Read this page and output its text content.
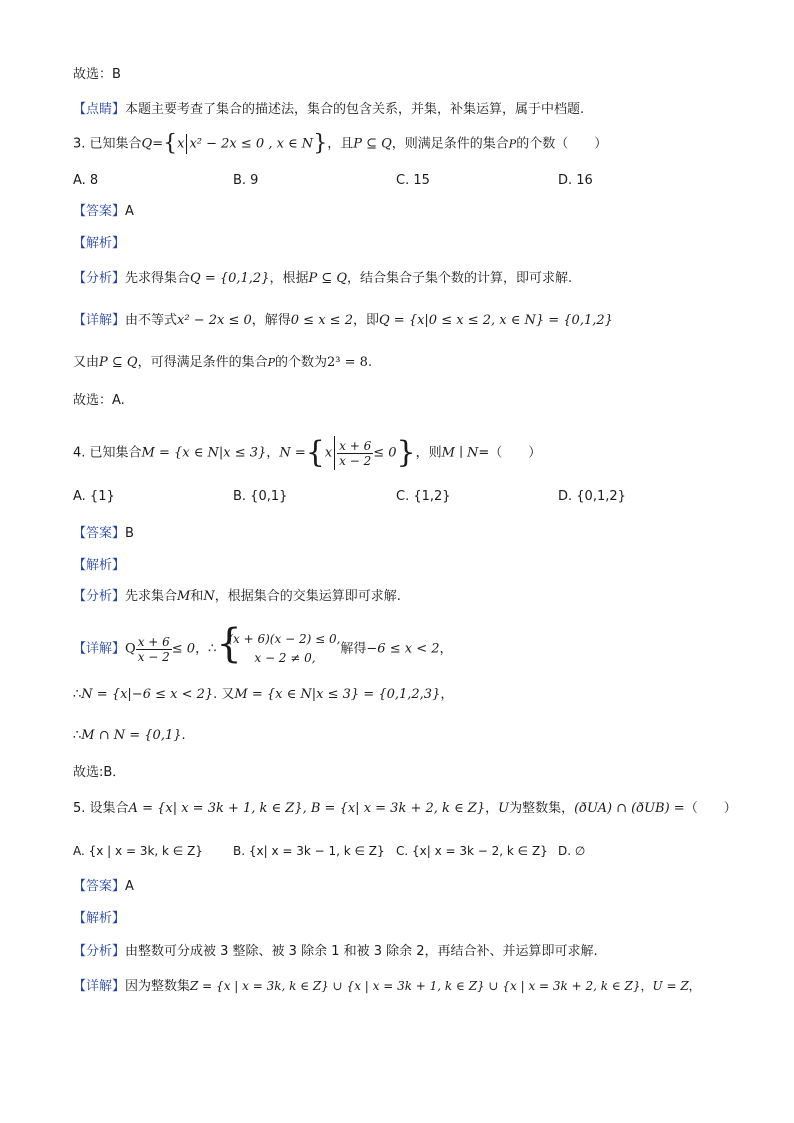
故选：B
【点睛】本题主要考查了集合的描述法，集合的包含关系，并集，补集运算，属于中档题.
3. 已知集合Q={x x² − 2x ≤ 0 , x ∈ N}，且P ⊆ Q，则满足条件的集合P的个数（　　）
A. 8	B. 9	C. 15	D. 16
【答案】A
【解析】
【分析】先求得集合Q = {0,1,2}，根据P ⊆ Q，结合集合子集个数的计算，即可求解.
【详解】由不等式x² − 2x ≤ 0，解得0 ≤ x ≤ 2，即Q = {x|0 ≤ x ≤ 2, x ∈ N} = {0,1,2}
又由P ⊆ Q，可得满足条件的集合P的个数为2³ = 8.
故选：A.
4. 已知集合M = {x ∈ N|x ≤ 3}，$N =\{x \frac{x + 6}{x - 2} \le 0\}$，则M ∣ N=（　　）
A. {1}	B. {0,1}	C. {1,2}	D. {0,1,2}
【答案】B
【解析】
【分析】先求集合M和N，根据集合的交集运算即可求解.
【详解】Q $\frac{x + 6}{x - 2} \le 0$，∴ {
(x + 6)(x − 2) ≤ 0,
x − 2 ≠ 0,
解得−6 ≤ x < 2，
∴N = {x|−6 ≤ x < 2}. 又M = {x ∈ N|x ≤ 3} = {0,1,2,3}，
∴M ∩ N = {0,1}.
故选:B．
5. 设集合A = {x| x = 3k + 1, k ∈ Z}, B = {x| x = 3k + 2, k ∈ Z}，U为整数集，(ðUA) ∩ (ðUB) =（　　）
A. {x | x = 3k, k ∈ Z}	B. {x| x = 3k − 1, k ∈ Z} C. {x| x = 3k − 2, k ∈ Z} D. ∅
【答案】A
【解析】
【分析】由整数可分成被 3 整除、被 3 除余 1 和被 3 除余 2，再结合补、并运算即可求解.
【详解】因为整数集Z = {x | x = 3k, k ∈ Z} ∪ {x | x = 3k + 1, k ∈ Z} ∪ {x | x = 3k + 2, k ∈ Z}，U = Z，
